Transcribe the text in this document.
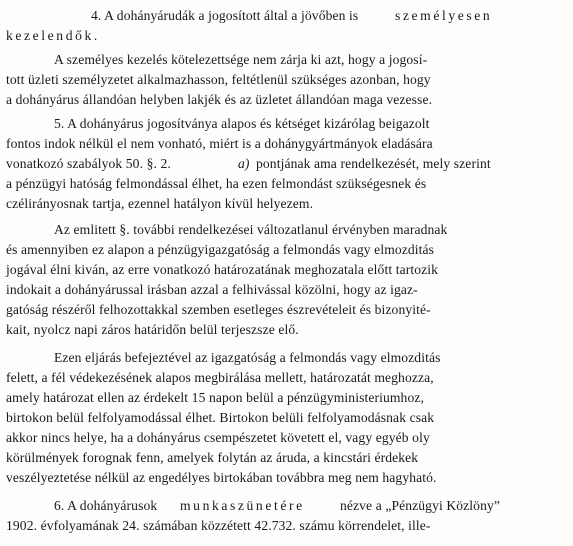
4. A dohányárudák a jogosított által a jövőben is	személyesen
kezelendők.
A személyes kezelés kötelezettsége nem zárja ki azt, hogy a jogosí-
tott üzleti személyzetet alkalmazhasson, feltétlenül szükséges azonban, hogy
a dohányárus állandóan helyben lakjék és az üzletet állandóan maga vezesse.
5. A dohányárus jogosítványa alapos és kétséget kizárólag beigazolt
fontos indok nélkül el nem vonható, miért is a dohánygyártmányok eladására
vonatkozó szabályok 50. §. 2.	a) pontjának ama rendelkezését, mely szerint
a pénzügyi hatóság felmondással élhet, ha ezen felmondást szükségesnek és
czélirányosnak tartja, ezennel hatályon kívül helyezem.
Az emlitett §. további rendelkezései változatlanul érvényben maradnak
és amennyiben ez alapon a pénzügyigazgatóság a felmondás vagy elmozditás
jogával élni kiván, az erre vonatkozó határozatának meghozatala előtt tartozik
indokait a dohányárussal irásban azzal a felhivással közölni, hogy az igaz-
gatóság részéről felhozottakkal szemben esetleges észrevételeit és bizonyité-
kait, nyolcz napi záros határidőn belül terjeszsze elő.
Ezen eljárás befejeztével az igazgatóság a felmondás vagy elmozditás
felett, a fél védekezésének alapos megbirálása mellett, határozatát meghozza,
amely határozat ellen az érdekelt 15 napon belül a pénzügyministeriumhoz,
birtokon belül felfolyamodással élhet. Birtokon belüli felfolyamodásnak csak
akkor nincs helye, ha a dohányárus csempészetet követett el, vagy egyéb oly
körülmények forognak fenn, amelyek folytán az áruda, a kincstári érdekek
veszélyeztetése nélkül az engedélyes birtokában továbbra meg nem hagyható.
6. A dohányárusok munkaszünetére	nézve a „Pénzügyi Közlöny”
1902. évfolyamának 24. számában közzétett 42.732. számu körrendelet, ille-
